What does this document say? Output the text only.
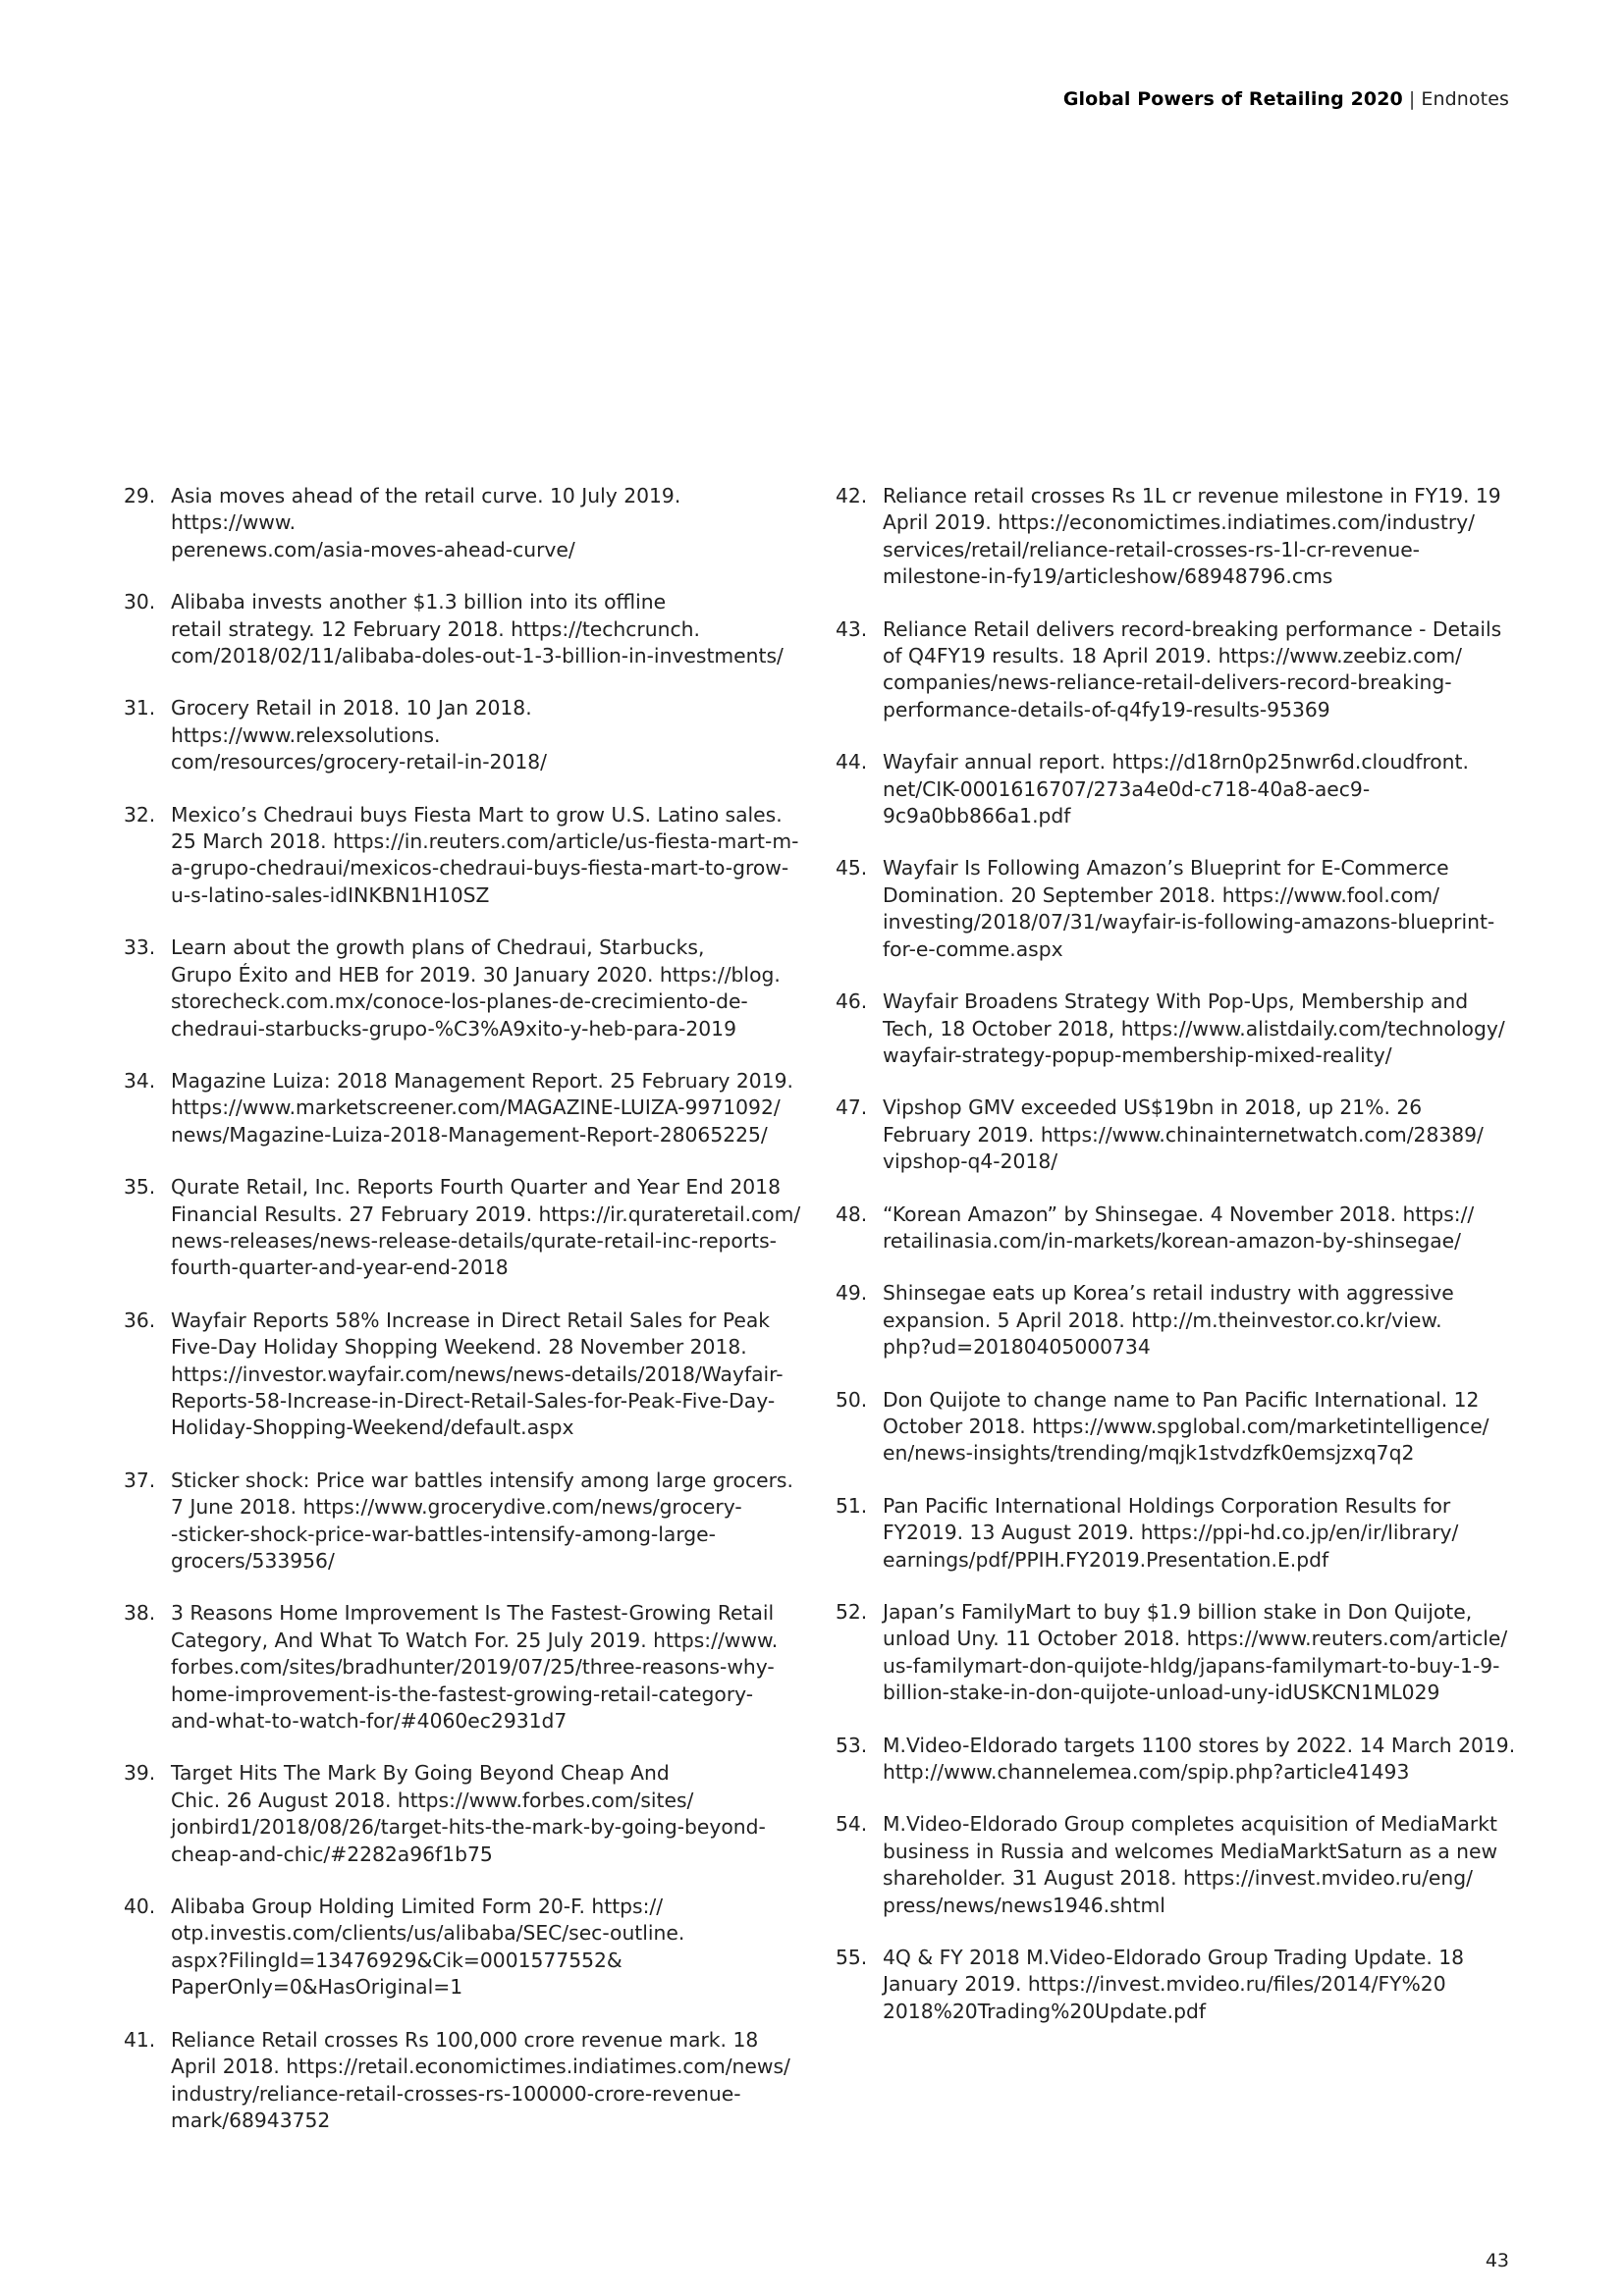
Global Powers of Retailing 2020 | Endnotes
29. Asia moves ahead of the retail curve. 10 July 2019. https://www.
perenews.com/asia-moves-ahead-curve/
30. Alibaba invests another $1.3 billion into its offline
retail strategy. 12 February 2018. https://techcrunch.
com/2018/02/11/alibaba-doles-out-1-3-billion-in-investments/
31. Grocery Retail in 2018. 10 Jan 2018. https://www.relexsolutions.
com/resources/grocery-retail-in-2018/
32. Mexico’s Chedraui buys Fiesta Mart to grow U.S. Latino sales.
25 March 2018. https://in.reuters.com/article/us-fiesta-mart-m-
a-grupo-chedraui/mexicos-chedraui-buys-fiesta-mart-to-grow-
u-s-latino-sales-idINKBN1H10SZ
33. Learn about the growth plans of Chedraui, Starbucks,
Grupo Éxito and HEB for 2019. 30 January 2020. https://blog.
storecheck.com.mx/conoce-los-planes-de-crecimiento-de-
chedraui-starbucks-grupo-%C3%A9xito-y-heb-para-2019
34. Magazine Luiza: 2018 Management Report. 25 February 2019.
https://www.marketscreener.com/MAGAZINE-LUIZA-9971092/
news/Magazine-Luiza-2018-Management-Report-28065225/
35. Qurate Retail, Inc. Reports Fourth Quarter and Year End 2018
Financial Results. 27 February 2019. https://ir.qurateretail.com/
news-releases/news-release-details/qurate-retail-inc-reports-
fourth-quarter-and-year-end-2018
36. Wayfair Reports 58% Increase in Direct Retail Sales for Peak
Five-Day Holiday Shopping Weekend. 28 November 2018.
https://investor.wayfair.com/news/news-details/2018/Wayfair-
Reports-58-Increase-in-Direct-Retail-Sales-for-Peak-Five-Day-
Holiday-Shopping-Weekend/default.aspx
37. Sticker shock: Price war battles intensify among large grocers.
7 June 2018. https://www.grocerydive.com/news/grocery-
-sticker-shock-price-war-battles-intensify-among-large-
grocers/533956/
38. 3 Reasons Home Improvement Is The Fastest-Growing Retail
Category, And What To Watch For. 25 July 2019. https://www.
forbes.com/sites/bradhunter/2019/07/25/three-reasons-why-
home-improvement-is-the-fastest-growing-retail-category-
and-what-to-watch-for/#4060ec2931d7
39. Target Hits The Mark By Going Beyond Cheap And
Chic. 26 August 2018. https://www.forbes.com/sites/
jonbird1/2018/08/26/target-hits-the-mark-by-going-beyond-
cheap-and-chic/#2282a96f1b75
40. Alibaba Group Holding Limited Form 20-F. https://
otp.investis.com/clients/us/alibaba/SEC/sec-outline.
aspx?FilingId=13476929&Cik=0001577552&
PaperOnly=0&HasOriginal=1
41. Reliance Retail crosses Rs 100,000 crore revenue mark. 18
April 2018. https://retail.economictimes.indiatimes.com/news/
industry/reliance-retail-crosses-rs-100000-crore-revenue-
mark/68943752
42. Reliance retail crosses Rs 1L cr revenue milestone in FY19. 19
April 2019. https://economictimes.indiatimes.com/industry/
services/retail/reliance-retail-crosses-rs-1l-cr-revenue-
milestone-in-fy19/articleshow/68948796.cms
43. Reliance Retail delivers record-breaking performance - Details
of Q4FY19 results. 18 April 2019. https://www.zeebiz.com/
companies/news-reliance-retail-delivers-record-breaking-
performance-details-of-q4fy19-results-95369
44. Wayfair annual report. https://d18rn0p25nwr6d.cloudfront.
net/CIK-0001616707/273a4e0d-c718-40a8-aec9-
9c9a0bb866a1.pdf
45. Wayfair Is Following Amazon’s Blueprint for E-Commerce
Domination. 20 September 2018. https://www.fool.com/
investing/2018/07/31/wayfair-is-following-amazons-blueprint-
for-e-comme.aspx
46. Wayfair Broadens Strategy With Pop-Ups, Membership and
Tech, 18 October 2018, https://www.alistdaily.com/technology/
wayfair-strategy-popup-membership-mixed-reality/
47. Vipshop GMV exceeded US$19bn in 2018, up 21%. 26
February 2019. https://www.chinainternetwatch.com/28389/
vipshop-q4-2018/
48. “Korean Amazon” by Shinsegae. 4 November 2018. https://
retailinasia.com/in-markets/korean-amazon-by-shinsegae/
49. Shinsegae eats up Korea’s retail industry with aggressive
expansion. 5 April 2018. http://m.theinvestor.co.kr/view.
php?ud=20180405000734
50. Don Quijote to change name to Pan Pacific International. 12
October 2018. https://www.spglobal.com/marketintelligence/
en/news-insights/trending/mqjk1stvdzfk0emsjzxq7q2
51. Pan Pacific International Holdings Corporation Results for
FY2019. 13 August 2019. https://ppi-hd.co.jp/en/ir/library/
earnings/pdf/PPIH.FY2019.Presentation.E.pdf
52. Japan’s FamilyMart to buy $1.9 billion stake in Don Quijote,
unload Uny. 11 October 2018. https://www.reuters.com/article/
us-familymart-don-quijote-hldg/japans-familymart-to-buy-1-9-
billion-stake-in-don-quijote-unload-uny-idUSKCN1ML029
53. M.Video-Eldorado targets 1100 stores by 2022. 14 March 2019.
http://www.channelemea.com/spip.php?article41493
54. M.Video-Eldorado Group completes acquisition of MediaMarkt
business in Russia and welcomes MediaMarktSaturn as a new
shareholder. 31 August 2018. https://invest.mvideo.ru/eng/
press/news/news1946.shtml
55. 4Q & FY 2018 M.Video-Eldorado Group Trading Update. 18
January 2019. https://invest.mvideo.ru/files/2014/FY%20
2018%20Trading%20Update.pdf
43
